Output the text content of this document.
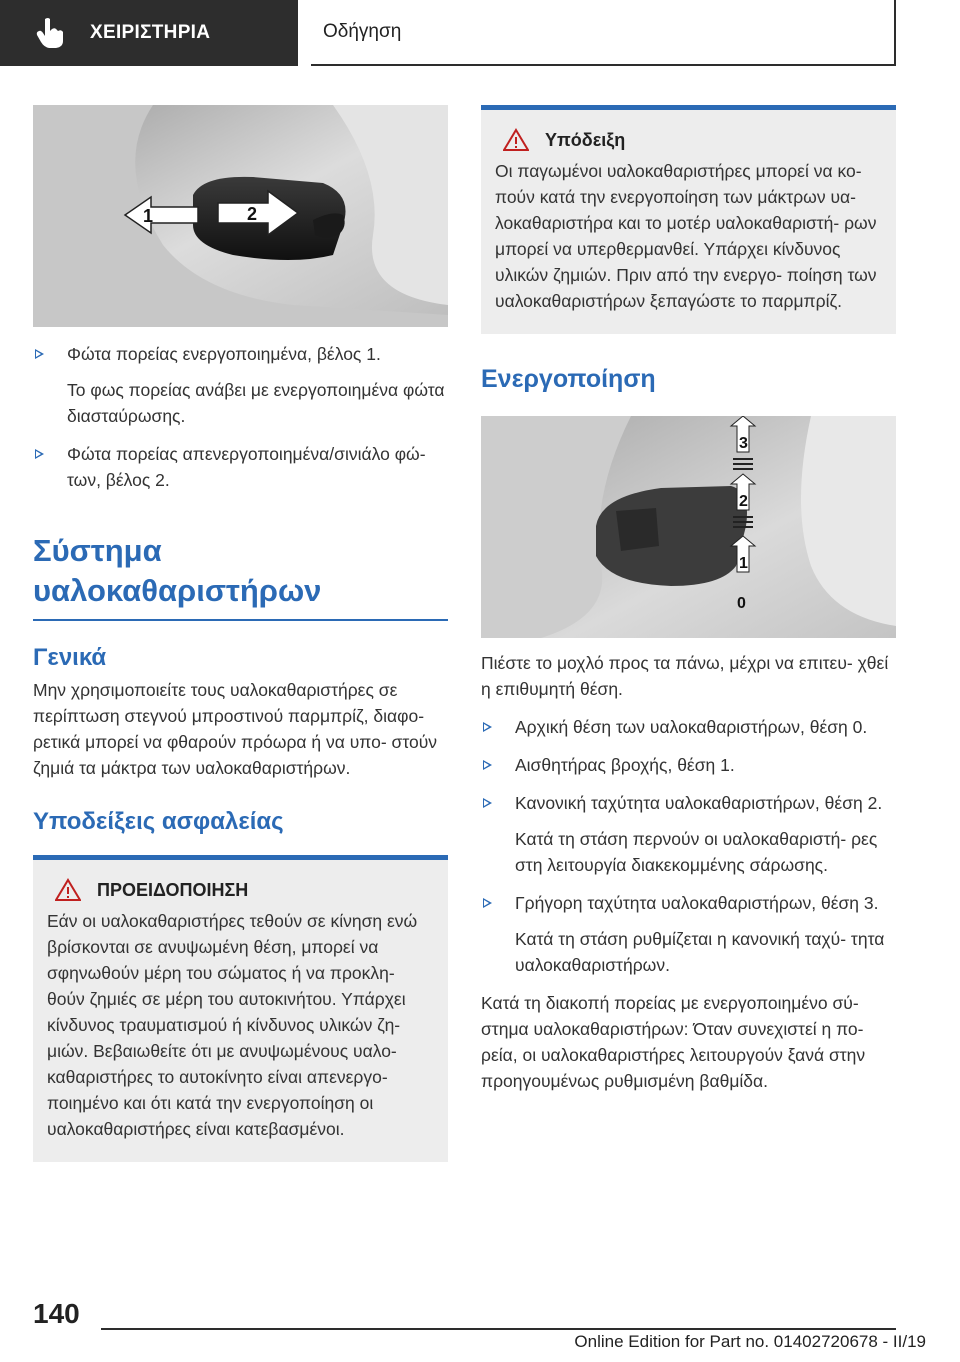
ΧΕΙΡΙΣΤΗΡΙΑ	Οδήγηση
1	2
Φώτα πορείας ενεργοποιημένα, βέλος 1.
Το φως πορείας ανάβει με ενεργοποιημένα φώτα διασταύρωσης.
Φώτα πορείας απενεργοποιημένα/σινιάλο φώ- των, βέλος 2.
Σύστημα υαλοκαθαριστήρων
Γενικά

Μην χρησιμοποιείτε τους υαλοκαθαριστήρες σε περίπτωση στεγνού μπροστινού παρμπρίζ, διαφο- ρετικά μπορεί να φθαρούν πρόωρα ή να υπο- στούν ζημιά τα μάκτρα των υαλοκαθαριστήρων.

Υποδείξεις ασφαλείας
ΠΡΟΕΙΔΟΠΟΙΗΣΗ

Εάν οι υαλοκαθαριστήρες τεθούν σε κίνηση ενώ βρίσκονται σε ανυψωμένη θέση, μπορεί να σφηνωθούν μέρη του σώματος ή να προκλη- θούν ζημιές σε μέρη του αυτοκινήτου. Υπάρχει κίνδυνος τραυματισμού ή κίνδυνος υλικών ζη- μιών. Βεβαιωθείτε ότι με ανυψωμένους υαλο- καθαριστήρες το αυτοκίνητο είναι απενεργο- ποιημένο και ότι κατά την ενεργοποίηση οι υαλοκαθαριστήρες είναι κατεβασμένοι.

Υπόδειξη

Οι παγωμένοι υαλοκαθαριστήρες μπορεί να κο- πούν κατά την ενεργοποίηση των μάκτρων υα- λοκαθαριστήρα και το μοτέρ υαλοκαθαριστή- ρων μπορεί να υπερθερμανθεί. Υπάρχει κίνδυνος υλικών ζημιών. Πριν από την ενεργο- ποίηση των υαλοκαθαριστήρων ξεπαγώστε το παρμπρίζ.

Ενεργοποίηση
3
2
1
0

Πιέστε το μοχλό προς τα πάνω, μέχρι να επιτευ- χθεί η επιθυμητή θέση.

Αρχική θέση των υαλοκαθαριστήρων, θέση 0.
Αισθητήρας βροχής, θέση 1.
Κανονική ταχύτητα υαλοκαθαριστήρων, θέση 2.
Κατά τη στάση περνούν οι υαλοκαθαριστή- ρες στη λειτουργία διακεκομμένης σάρωσης.
Γρήγορη ταχύτητα υαλοκαθαριστήρων, θέση 3.
Κατά τη στάση ρυθμίζεται η κανονική ταχύ- τητα υαλοκαθαριστήρων.

Κατά τη διακοπή πορείας με ενεργοποιημένο σύ- στημα υαλοκαθαριστήρων: Όταν συνεχιστεί η πο- ρεία, οι υαλοκαθαριστήρες λειτουργούν ξανά στην προηγουμένως ρυθμισμένη βαθμίδα.

140
Online Edition for Part no. 01402720678 - II/19
